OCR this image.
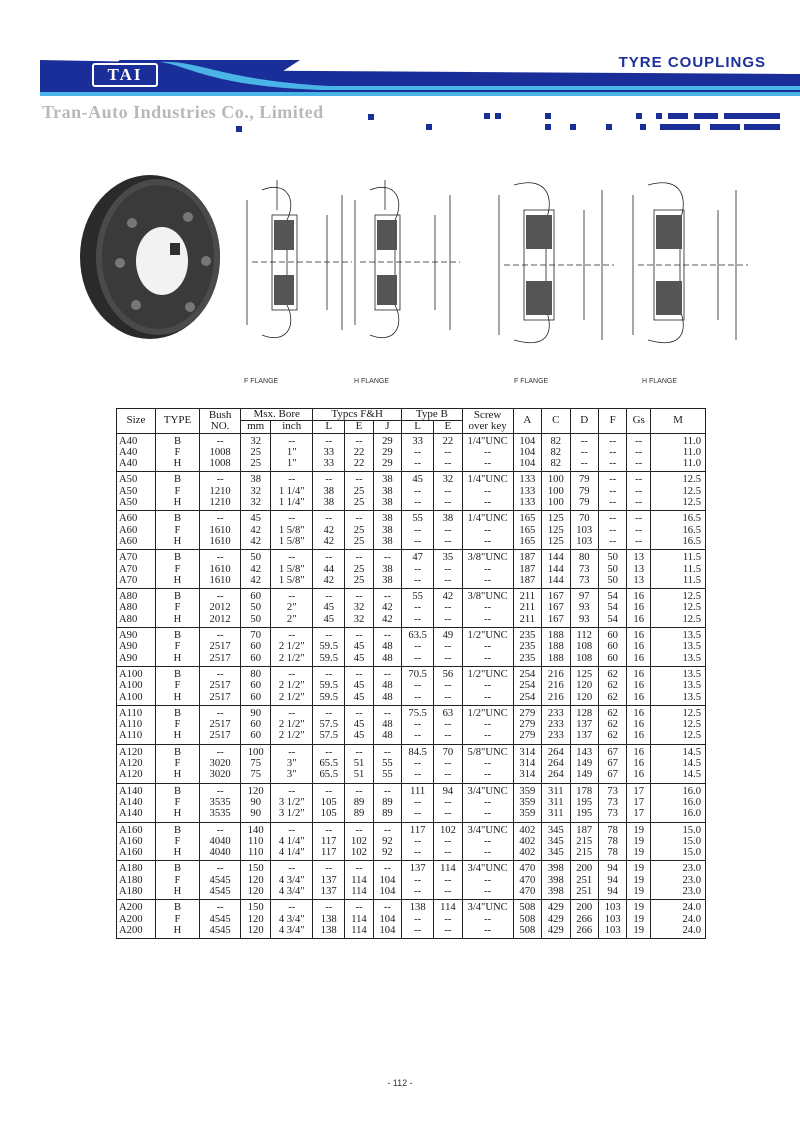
TAI
TYRE COUPLINGS
Tran-Auto Industries Co., Limited
F FLANGE	H FLANGE	F FLANGE	H FLANGE
Size	TYPE	Bush NO.	Msx. Bore		Typcs F&H			Type B		Screw over key	A	C	D	F	Gs	M
			mm	inch	L	E	J	L	E							
A40	B	--	32	--	--	--	29	33	22	1/4"UNC	104	82	--	--	--	11.0
A40	F	1008	25	1"	33	22	29	--	--	--	104	82	--	--	--	11.0
A40	H	1008	25	1"	33	22	29	--	--	--	104	82	--	--	--	11.0
A50	B	--	38	--	--	--	38	45	32	1/4"UNC	133	100	79	--	--	12.5
A50	F	1210	32	1 1/4"	38	25	38	--	--	--	133	100	79	--	--	12.5
A50	H	1210	32	1 1/4"	38	25	38	--	--	--	133	100	79	--	--	12.5
A60	B	--	45	--	--	--	38	55	38	1/4"UNC	165	125	70	--	--	16.5
A60	F	1610	42	1 5/8"	42	25	38	--	--	--	165	125	103	--	--	16.5
A60	H	1610	42	1 5/8"	42	25	38	--	--	--	165	125	103	--	--	16.5
A70	B	--	50	--	--	--	--	47	35	3/8"UNC	187	144	80	50	13	11.5
A70	F	1610	42	1 5/8"	44	25	38	--	--	--	187	144	73	50	13	11.5
A70	H	1610	42	1 5/8"	42	25	38	--	--	--	187	144	73	50	13	11.5
A80	B	--	60	--	--	--	--	55	42	3/8"UNC	211	167	97	54	16	12.5
A80	F	2012	50	2"	45	32	42	--	--	--	211	167	93	54	16	12.5
A80	H	2012	50	2"	45	32	42	--	--	--	211	167	93	54	16	12.5
A90	B	--	70	--	--	--	--	63.5	49	1/2"UNC	235	188	112	60	16	13.5
A90	F	2517	60	2 1/2"	59.5	45	48	--	--	--	235	188	108	60	16	13.5
A90	H	2517	60	2 1/2"	59.5	45	48	--	--	--	235	188	108	60	16	13.5
A100	B	--	80	--	--	--	--	70.5	56	1/2"UNC	254	216	125	62	16	13.5
A100	F	2517	60	2 1/2"	59.5	45	48	--	--	--	254	216	120	62	16	13.5
A100	H	2517	60	2 1/2"	59.5	45	48	--	--	--	254	216	120	62	16	13.5
A110	B	--	90	--	--	--	--	75.5	63	1/2"UNC	279	233	128	62	16	12.5
A110	F	2517	60	2 1/2"	57.5	45	48	--	--	--	279	233	137	62	16	12.5
A110	H	2517	60	2 1/2"	57.5	45	48	--	--	--	279	233	137	62	16	12.5
A120	B	--	100	--	--	--	--	84.5	70	5/8"UNC	314	264	143	67	16	14.5
A120	F	3020	75	3"	65.5	51	55	--	--	--	314	264	149	67	16	14.5
A120	H	3020	75	3"	65.5	51	55	--	--	--	314	264	149	67	16	14.5
A140	B	--	120	--	--	--	--	111	94	3/4"UNC	359	311	178	73	17	16.0
A140	F	3535	90	3 1/2"	105	89	89	--	--	--	359	311	195	73	17	16.0
A140	H	3535	90	3 1/2"	105	89	89	--	--	--	359	311	195	73	17	16.0
A160	B	--	140	--	--	--	--	117	102	3/4"UNC	402	345	187	78	19	15.0
A160	F	4040	110	4 1/4"	117	102	92	--	--	--	402	345	215	78	19	15.0
A160	H	4040	110	4 1/4"	117	102	92	--	--	--	402	345	215	78	19	15.0
A180	B	--	150	--	--	--	--	137	114	3/4"UNC	470	398	200	94	19	23.0
A180	F	4545	120	4 3/4"	137	114	104	--	--	--	470	398	251	94	19	23.0
A180	H	4545	120	4 3/4"	137	114	104	--	--	--	470	398	251	94	19	23.0
A200	B	--	150	--	--	--	--	138	114	3/4"UNC	508	429	200	103	19	24.0
A200	F	4545	120	4 3/4"	138	114	104	--	--	--	508	429	266	103	19	24.0
A200	H	4545	120	4 3/4"	138	114	104	--	--	--	508	429	266	103	19	24.0
- 112 -
